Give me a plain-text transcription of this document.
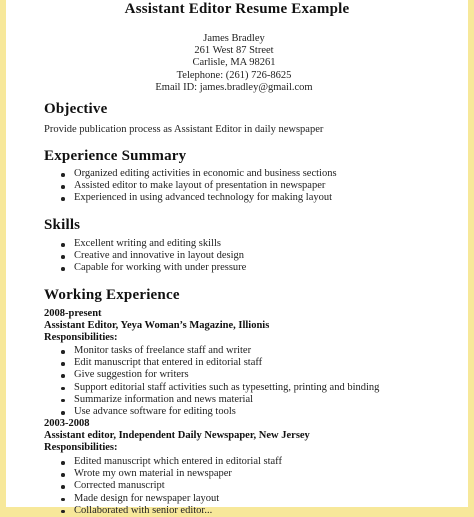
Assistant Editor Resume Example
James Bradley
261 West 87 Street
Carlisle, MA 98261
Telephone: (261) 726-8625
Email ID: james.bradley@gmail.com
Objective
Provide publication process as Assistant Editor in daily newspaper
Experience Summary
Organized editing activities in economic and business sections
Assisted editor to make layout of presentation in newspaper
Experienced in using advanced technology for making layout
Skills
Excellent writing and editing skills
Creative and innovative in layout design
Capable for working with under pressure
Working Experience
2008-present
Assistant Editor, Yeya Woman’s Magazine, Illionis
Responsibilities:
Monitor tasks of freelance staff and writer
Edit manuscript that entered in editorial staff
Give suggestion for writers
Support editorial staff activities such as typesetting, printing and binding
Summarize information and news material
Use advance software for editing tools
2003-2008
Assistant editor, Independent Daily Newspaper, New Jersey
Responsibilities:
Edited manuscript which entered in editorial staff
Wrote my own material in newspaper
Corrected manuscript
Made design for newspaper layout
Collaborated with senior editor...
